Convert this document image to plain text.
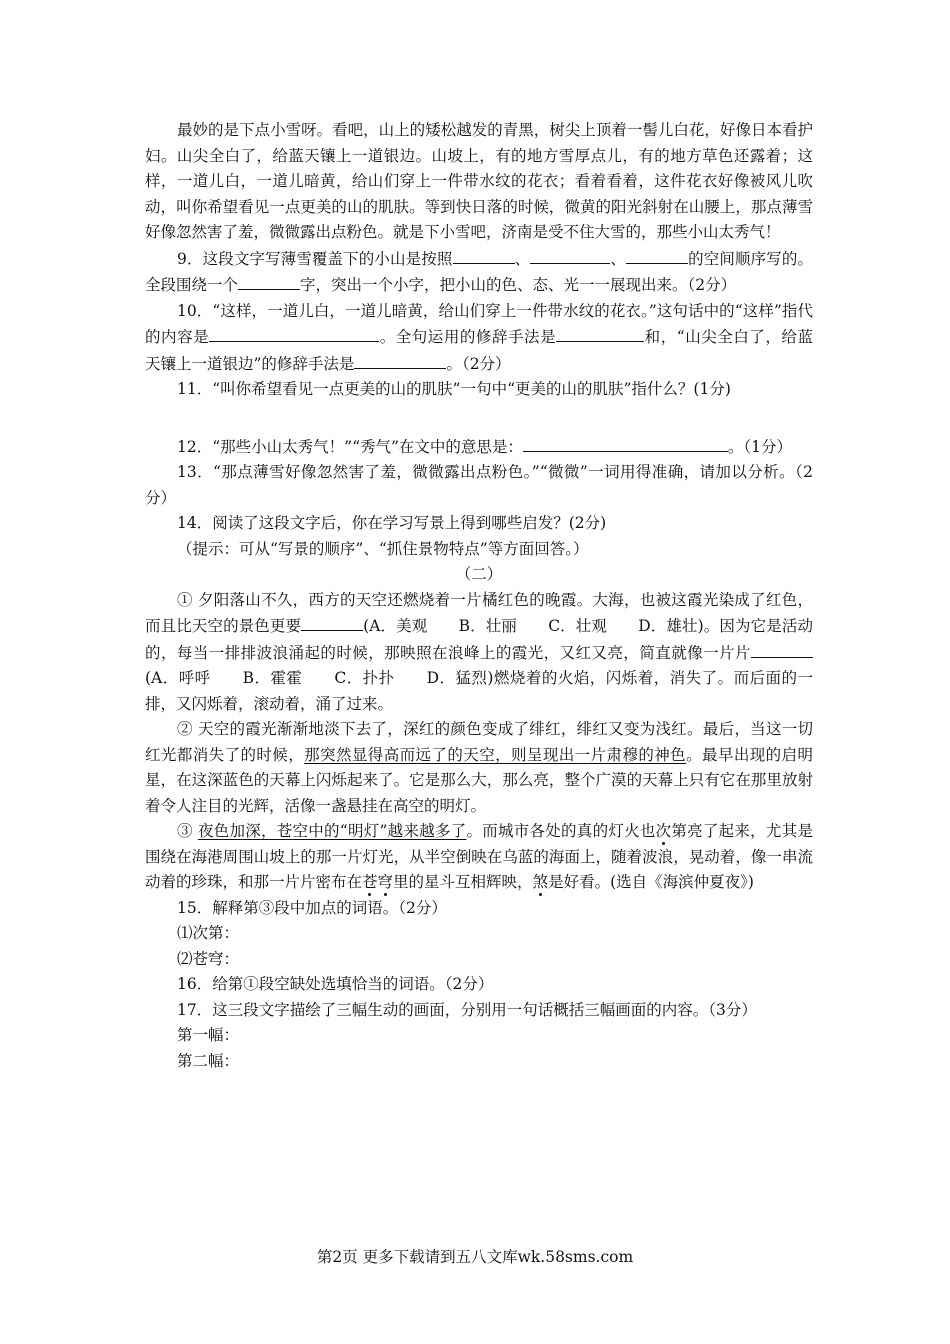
最妙的是下点小雪呀。看吧，山上的矮松越发的青黑，树尖上顶着一髻儿白花，好像日本看护妇。山尖全白了，给蓝天镶上一道银边。山坡上，有的地方雪厚点儿，有的地方草色还露着；这样，一道儿白，一道儿暗黄，给山们穿上一件带水纹的花衣；看着看着，这件花衣好像被风儿吹动，叫你希望看见一点更美的山的肌肤。等到快日落的时候，微黄的阳光斜射在山腰上，那点薄雪好像忽然害了羞，微微露出点粉色。就是下小雪吧，济南是受不住大雪的，那些小山太秀气！

9．这段文字写薄雪覆盖下的小山是按照	、	、	的空间顺序写的。全段围绕一个	字，突出一个小字，把小山的色、态、光一一展现出来。（2分）

10．“这样，一道儿白，一道儿暗黄，给山们穿上一件带水纹的花衣。”这句话中的“这样”指代的内容是	。全句运用的修辞手法是	和，“山尖全白了，给蓝天镶上一道银边”的修辞手法是	。（2分）

11．“叫你希望看见一点更美的山的肌肤”一句中“更美的山的肌肤”指什么？(1分)

12．“那些小山太秀气！”“秀气”在文中的意思是：	。（1分）

13．“那点薄雪好像忽然害了羞，微微露出点粉色。”“微微”一词用得准确，请加以分析。（2分）

14．阅读了这段文字后，你在学习写景上得到哪些启发？(2分)

（提示：可从“写景的顺序”、“抓住景物特点”等方面回答。）

（二）

① 夕阳落山不久，西方的天空还燃烧着一片橘红色的晚霞。大海，也被这霞光染成了红色，而且比天空的景色更要	(A．美观　　B．壮丽　　C．壮观　　D．雄壮)。因为它是活动的，每当一排排波浪涌起的时候，那映照在浪峰上的霞光，又红又亮，简直就像一片片(A．呼呼　　B．霍霍　　C．扑扑　　D．猛烈)燃烧着的火焰，闪烁着，消失了。而后面的一排，又闪烁着，滚动着，涌了过来。

② 天空的霞光渐渐地淡下去了，深红的颜色变成了绯红，绯红又变为浅红。最后，当这一切红光都消失了的时候，那突然显得高而远了的天空，则呈现出一片肃穆的神色。最早出现的启明星，在这深蓝色的天幕上闪烁起来了。它是那么大，那么亮，整个广漠的天幕上只有它在那里放射着令人注目的光辉，活像一盏悬挂在高空的明灯。

③ 夜色加深，苍空中的“明灯”越来越多了。而城市各处的真的灯火也次第亮了起来，尤其是围绕在海港周围山坡上的那一片灯光，从半空倒映在乌蓝的海面上，随着波浪，晃动着，像一串流动着的珍珠，和那一片片密布在苍穹里的星斗互相辉映，煞是好看。(选自《海滨仲夏夜》)

15．解释第③段中加点的词语。（2分）

⑴次第：

⑵苍穹：

16．给第①段空缺处选填恰当的词语。（2分）

17．这三段文字描绘了三幅生动的画面，分别用一句话概括三幅画面的内容。（3分）

第一幅：

第二幅：

第2页 更多下载请到五八文库wk.58sms.com
